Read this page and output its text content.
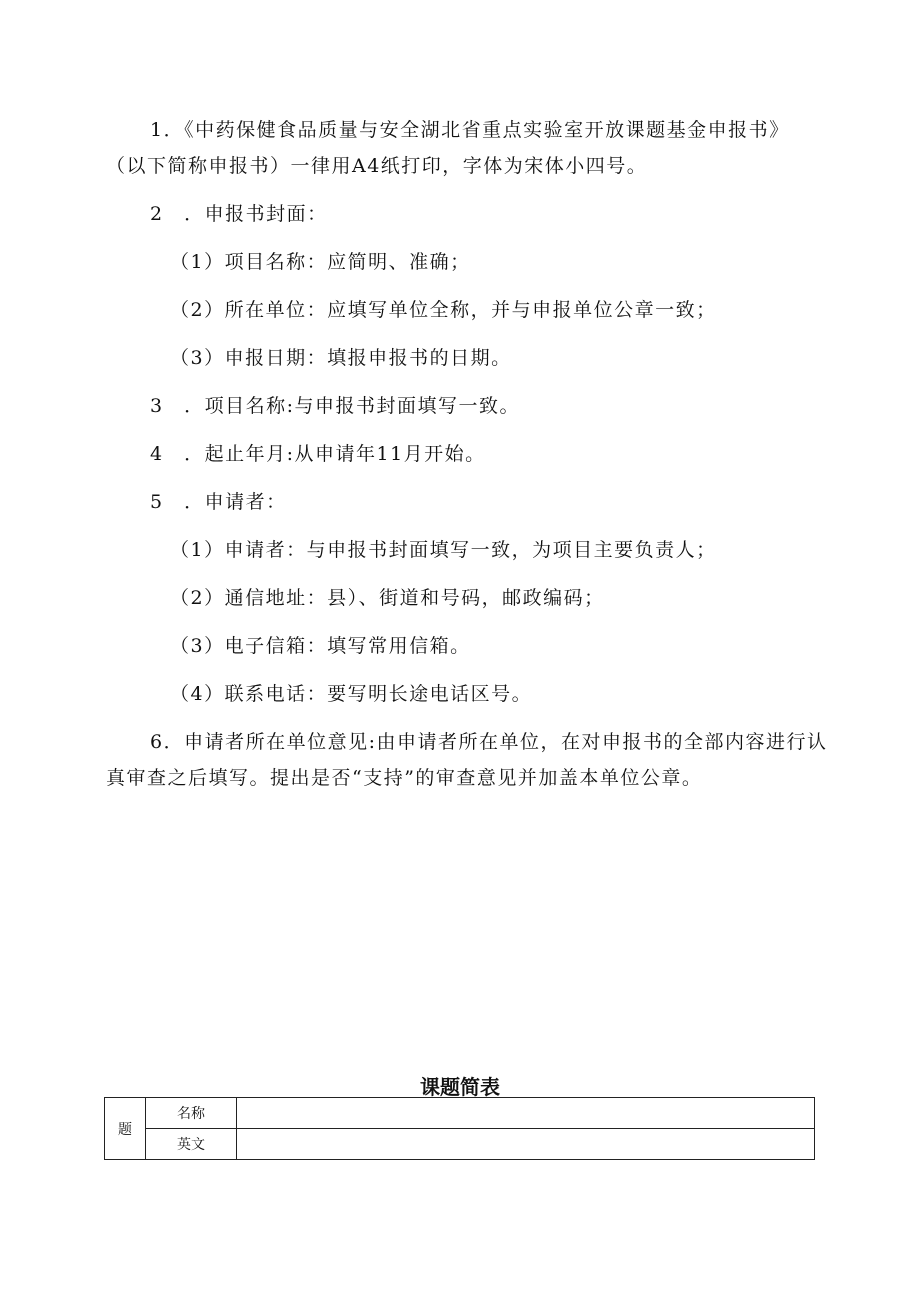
1．《中药保健食品质量与安全湖北省重点实验室开放课题基金申报书》
（以下简称申报书）一律用A4纸打印，字体为宋体小四号。
2　．申报书封面：
（1）项目名称：应简明、准确；
（2）所在单位：应填写单位全称，并与申报单位公章一致；
（3）申报日期：填报申报书的日期。
3　．项目名称:与申报书封面填写一致。
4　．起止年月:从申请年11月开始。
5　．申请者：
（1）申请者：与申报书封面填写一致，为项目主要负责人；
（2）通信地址：县）、街道和号码，邮政编码；
（3）电子信箱：填写常用信箱。
（4）联系电话：要写明长途电话区号。
6．申请者所在单位意见:由申请者所在单位，在对申报书的全部内容进行认
真审查之后填写。提出是否“支持”的审查意见并加盖本单位公章。
课题简表
题	名称	
	英文	
